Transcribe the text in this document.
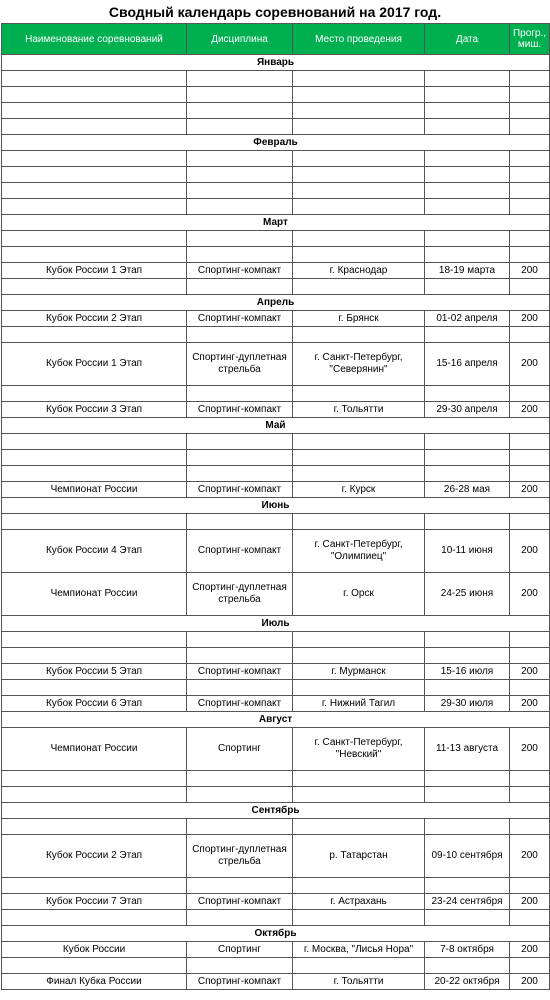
Сводный календарь соревнований на 2017 год.
Наименование соревнований	Дисциплина	Место проведения	Дата	Прогр., миш.
Январь				

Февраль				

Март				

Кубок России 1 Этап	Спортинг-компакт	г. Краснодар	18-19 марта	200

Апрель				
Кубок России 2 Этап	Спортинг-компакт	г. Брянск	01-02 апреля	200

Кубок России 1 Этап	Спортинг-дуплетная стрельба	г. Санкт-Петербург, "Северянин"	15-16 апреля	200

Кубок России 3 Этап	Спортинг-компакт	г. Тольятти	29-30 апреля	200
Май				

Чемпионат России	Спортинг-компакт	г. Курск	26-28 мая	200
Июнь				

Кубок России 4 Этап	Спортинг-компакт	г. Санкт-Петербург, "Олимпиец"	10-11 июня	200
Чемпионат России	Спортинг-дуплетная стрельба	г. Орск	24-25 июня	200
Июль				

Кубок России 5 Этап	Спортинг-компакт	г. Мурманск	15-16 июля	200

Кубок России 6 Этап	Спортинг-компакт	г. Нижний Тагил	29-30 июля	200
Август				
Чемпионат России	Спортинг	г. Санкт-Петербург, "Невский"	11-13 августа	200

Сентябрь				

Кубок России 2 Этап	Спортинг-дуплетная стрельба	р. Татарстан	09-10 сентября	200

Кубок России 7 Этап	Спортинг-компакт	г. Астрахань	23-24 сентября	200

Октябрь				
Кубок России	Спортинг	г. Москва, "Лисья Нора"	7-8 октября	200

Финал Кубка России	Спортинг-компакт	г. Тольятти	20-22 октября	200
